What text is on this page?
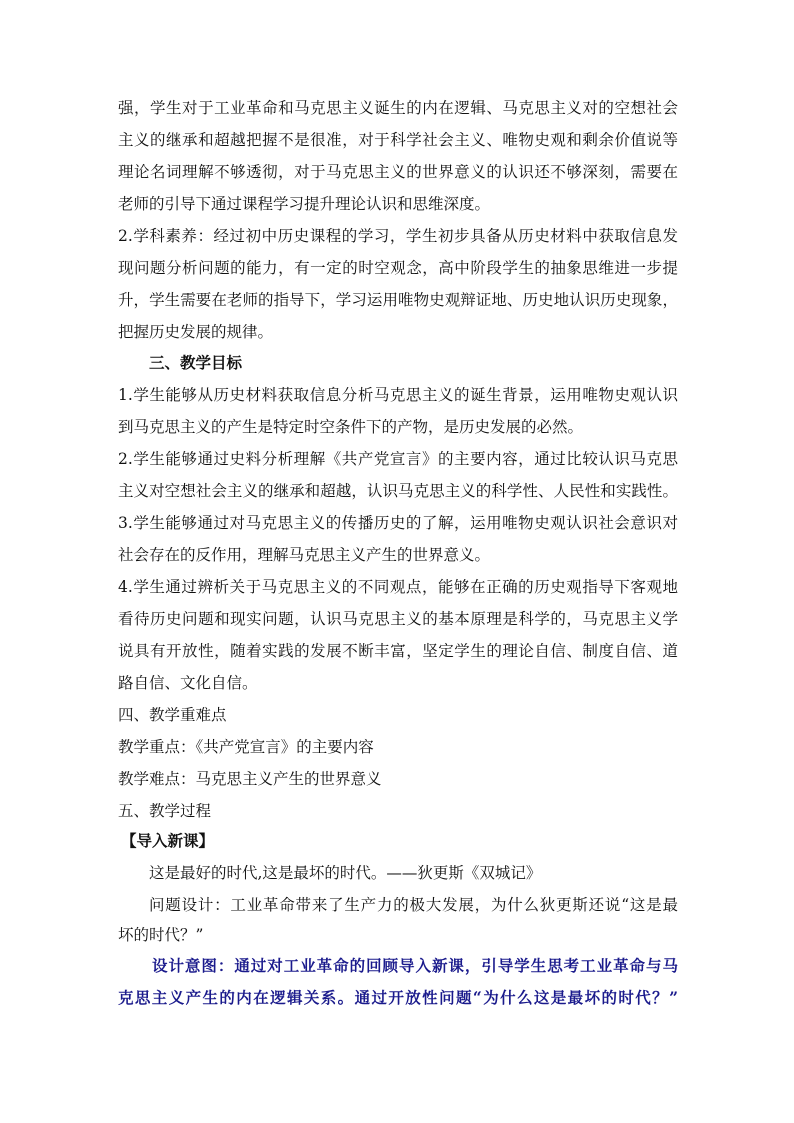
强，学生对于工业革命和马克思主义诞生的内在逻辑、马克思主义对的空想社会
主义的继承和超越把握不是很准，对于科学社会主义、唯物史观和剩余价值说等
理论名词理解不够透彻，对于马克思主义的世界意义的认识还不够深刻，需要在
老师的引导下通过课程学习提升理论认识和思维深度。
2.学科素养：经过初中历史课程的学习，学生初步具备从历史材料中获取信息发
现问题分析问题的能力，有一定的时空观念，高中阶段学生的抽象思维进一步提
升，学生需要在老师的指导下，学习运用唯物史观辩证地、历史地认识历史现象，
把握历史发展的规律。
三、教学目标
1.学生能够从历史材料获取信息分析马克思主义的诞生背景，运用唯物史观认识
到马克思主义的产生是特定时空条件下的产物，是历史发展的必然。
2.学生能够通过史料分析理解《共产党宣言》的主要内容，通过比较认识马克思
主义对空想社会主义的继承和超越，认识马克思主义的科学性、人民性和实践性。
3.学生能够通过对马克思主义的传播历史的了解，运用唯物史观认识社会意识对
社会存在的反作用，理解马克思主义产生的世界意义。
4.学生通过辨析关于马克思主义的不同观点，能够在正确的历史观指导下客观地
看待历史问题和现实问题，认识马克思主义的基本原理是科学的，马克思主义学
说具有开放性，随着实践的发展不断丰富，坚定学生的理论自信、制度自信、道
路自信、文化自信。
四、教学重难点
教学重点：《共产党宣言》的主要内容
教学难点：马克思主义产生的世界意义
五、教学过程
【导入新课】
这是最好的时代,这是最坏的时代。——狄更斯《双城记》
问题设计：工业革命带来了生产力的极大发展，为什么狄更斯还说“这是最
坏的时代？”
设计意图：通过对工业革命的回顾导入新课，引导学生思考工业革命与马
克思主义产生的内在逻辑关系。通过开放性问题“为什么这是最坏的时代？”
